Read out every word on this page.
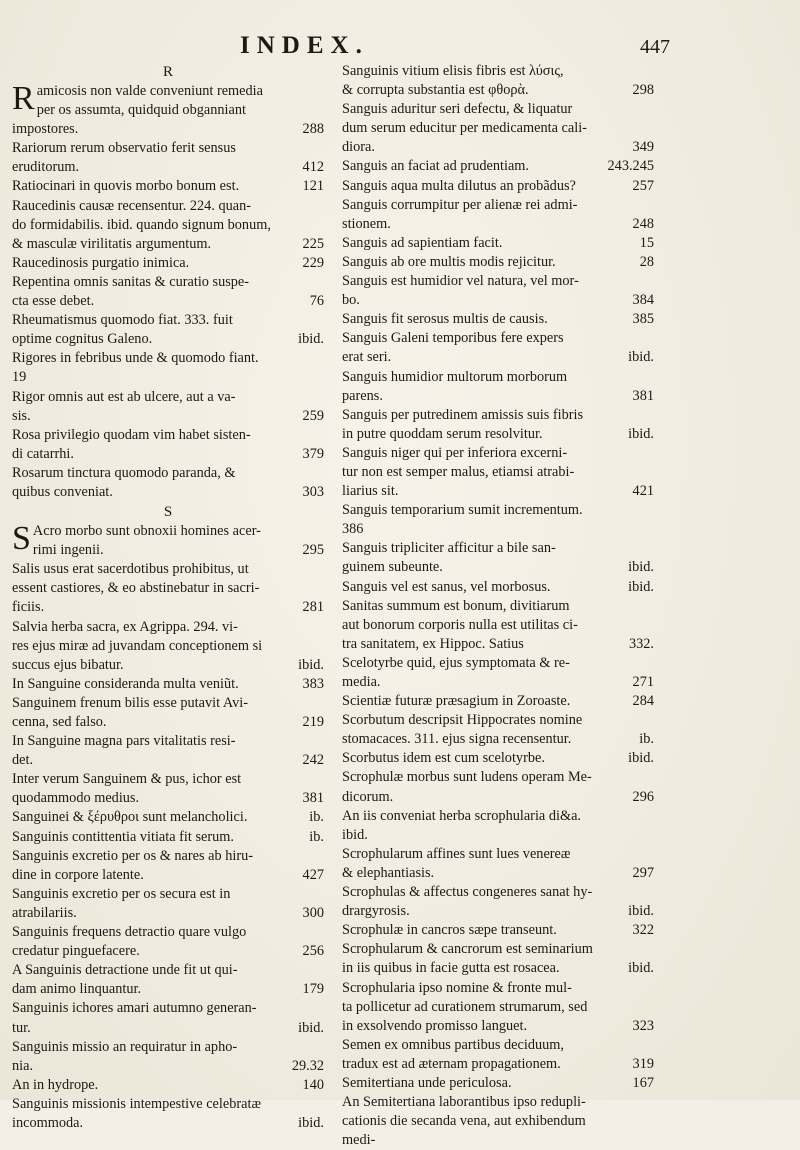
INDEX.	447
R
R amicosis non valde conveniunt remedia
per os assumta, quidquid obganniant
impostores.	288
Rariorum rerum observatio ferit sensus
eruditorum.	412
Ratiocinari in quovis morbo bonum est.	121
Raucedinis causæ recensentur. 224. quan-
do formidabilis. ibid. quando signum bonum,
& masculæ virilitatis argumentum.	225
Raucedinosis purgatio inimica.	229
Repentina omnis sanitas & curatio suspe-
cta esse debet.	76
Rheumatismus quomodo fiat. 333. fuit
optime cognitus Galeno.	ibid.
Rigores in febribus unde & quomodo fiant.
19
Rigor omnis aut est ab ulcere, aut a va-
sis.	259
Rosa privilegio quodam vim habet sisten-
di catarrhi.	379
Rosarum tinctura quomodo paranda, &
quibus conveniat.	303
S
S Acro morbo sunt obnoxii homines acer-
rimi ingenii.	295
Salis usus erat sacerdotibus prohibitus, ut
essent castiores, & eo abstinebatur in sacri-
ficiis.	281
Salvia herba sacra, ex Agrippa. 294. vi-
res ejus miræ ad juvandam conceptionem si
succus ejus bibatur.	ibid.
In Sanguine consideranda multa veniũt.	383
Sanguinem frenum bilis esse putavit Avi-
cenna, sed falso.	219
In Sanguine magna pars vitalitatis resi-
det.	242
Inter verum Sanguinem & pus, ichor est
quodammodo medius.	381
Sanguinei & ξέρυθροι sunt melancholici.	ib.
Sanguinis contittentia vitiata fit serum.	ib.
Sanguinis excretio per os & nares ab hiru-
dine in corpore latente.	427
Sanguinis excretio per os secura est in
atrabilariis.	300
Sanguinis frequens detractio quare vulgo
credatur pinguefacere.	256
A Sanguinis detractione unde fit ut qui-
dam animo linquantur.	179
Sanguinis ichores amari autumno generan-
tur.	ibid.
Sanguinis missio an requiratur in apho-
nia.	29.32
An in hydrope.	140
Sanguinis missionis intempestive celebratæ
incommoda.	ibid.
Sanguinis vitium elisis fibris est λύσις,
& corrupta substantia est φθορὰ.	298
Sanguis aduritur seri defectu, & liquatur
dum serum educitur per medicamenta cali-
diora.	349
Sanguis an faciat ad prudentiam.	243.245
Sanguis aqua multa dilutus an probãdus?	257
Sanguis corrumpitur per alienæ rei admi-
stionem.	248
Sanguis ad sapientiam facit.	15
Sanguis ab ore multis modis rejicitur.	28
Sanguis est humidior vel natura, vel mor-
bo.	384
Sanguis fit serosus multis de causis.	385
Sanguis Galeni temporibus fere expers
erat seri.	ibid.
Sanguis humidior multorum morborum
parens.	381
Sanguis per putredinem amissis suis fibris
in putre quoddam serum resolvitur.	ibid.
Sanguis niger qui per inferiora excerni-
tur non est semper malus, etiamsi atrabi-
liarius sit.	421
Sanguis temporarium sumit incrementum.
386
Sanguis tripliciter afficitur a bile san-
guinem subeunte.	ibid.
Sanguis vel est sanus, vel morbosus.	ibid.
Sanitas summum est bonum, divitiarum
aut bonorum corporis nulla est utilitas ci-
tra sanitatem, ex Hippoc. Satius	332.
Scelotyrbe quid, ejus symptomata & re-
media.	271
Scientiæ futuræ præsagium in Zoroaste.	284
Scorbutum descripsit Hippocrates nomine
stomacaces. 311. ejus signa recensentur.	ib.
Scorbutus idem est cum scelotyrbe.	ibid.
Scrophulæ morbus sunt ludens operam Me-
dicorum.	296
An iis conveniat herba scrophularia di&a.
ibid.
Scrophularum affines sunt lues venereæ
& elephantiasis.	297
Scrophulas & affectus congeneres sanat hy-
drargyrosis.	ibid.
Scrophulæ in cancros sæpe transeunt.	322
Scrophularum & cancrorum est seminarium
in iis quibus in facie gutta est rosacea.	ibid.
Scrophularia ipso nomine & fronte mul-
ta pollicetur ad curationem strumarum, sed
in exsolvendo promisso languet.	323
Semen ex omnibus partibus deciduum,
tradux est ad æternam propagationem.	319
Semitertiana unde periculosa.	167
An Semitertiana laborantibus ipso redupli-
cationis die secanda vena, aut exhibendum
medi-
